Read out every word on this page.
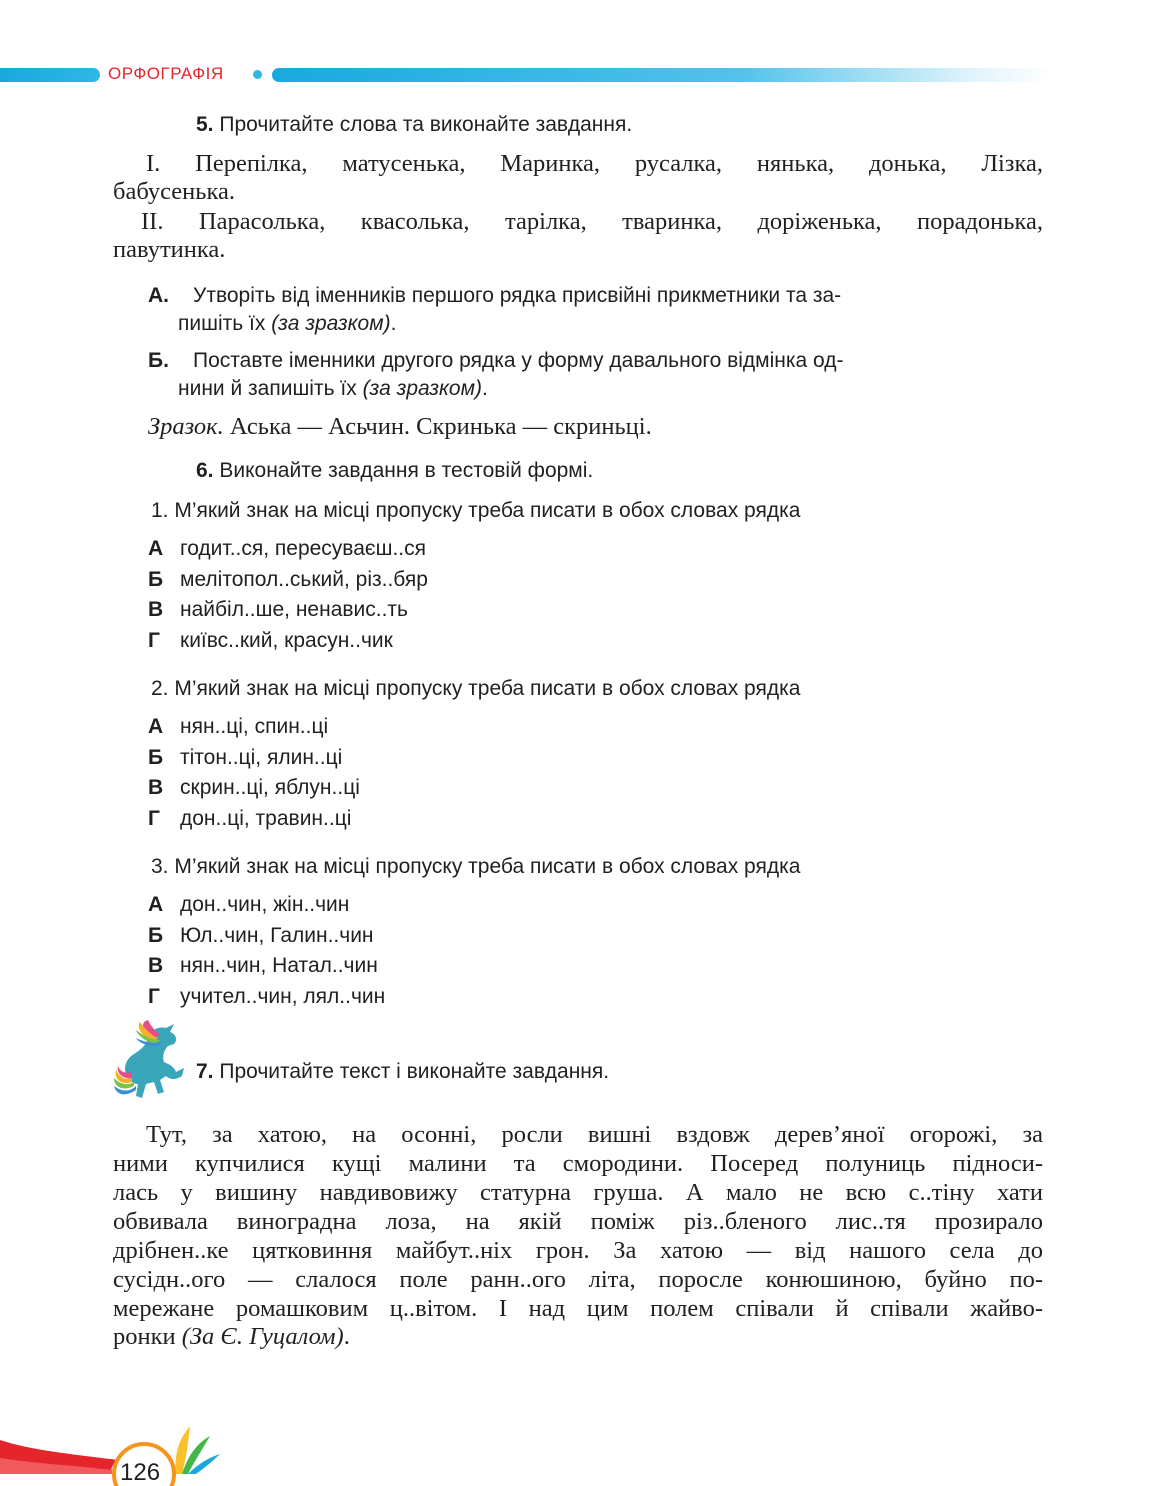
ОРФОГРАФІЯ
5. Прочитайте слова та виконайте завдання.
І. Перепілка, матусенька, Маринка, русалка, нянька, донька, Лізка,
бабусенька.
ІІ. Парасолька, квасолька, тарілка, тваринка, доріженька, порадонька,
павутинка.
А. Утворіть від іменників першого рядка присвійні прикметники та за-
пишіть їх (за зразком).
Б. Поставте іменники другого рядка у форму давального відмінка од-
нини й запишіть їх (за зразком).
Зразок. Аська — Асьчин. Скринька — скриньці.
6. Виконайте завдання в тестовій формі.
1. М’який знак на місці пропуску треба писати в обох словах рядка
А годит..ся, пересуваєш..ся
Б мелітопол..ський, різ..бяр
В найбіл..ше, ненавис..ть
Г київс..кий, красун..чик
2. М’який знак на місці пропуску треба писати в обох словах рядка
А нян..ці, спин..ці
Б тітон..ці, ялин..ці
В скрин..ці, яблун..ці
Г дон..ці, травин..ці
3. М’який знак на місці пропуску треба писати в обох словах рядка
А дон..чин, жін..чин
Б Юл..чин, Галин..чин
В нян..чин, Натал..чин
Г учител..чин, лял..чин
7. Прочитайте текст і виконайте завдання.
Тут, за хатою, на осонні, росли вишні вздовж дерев’яної огорожі, за
ними купчилися кущі малини та смородини. Посеред полуниць підноси-
лась у вишину навдивовижу статурна груша. А мало не всю с..тіну хати
обвивала виноградна лоза, на якій поміж різ..бленого лис..тя прозирало
дрібнен..ке цятковиння майбут..ніх грон. За хатою — від нашого села до
сусідн..ого — слалося поле ранн..ого літа, поросле конюшиною, буйно по-
мережане ромашковим ц..вітом. І над цим полем співали й співали жайво-
ронки (За Є. Гуцалом).
126
